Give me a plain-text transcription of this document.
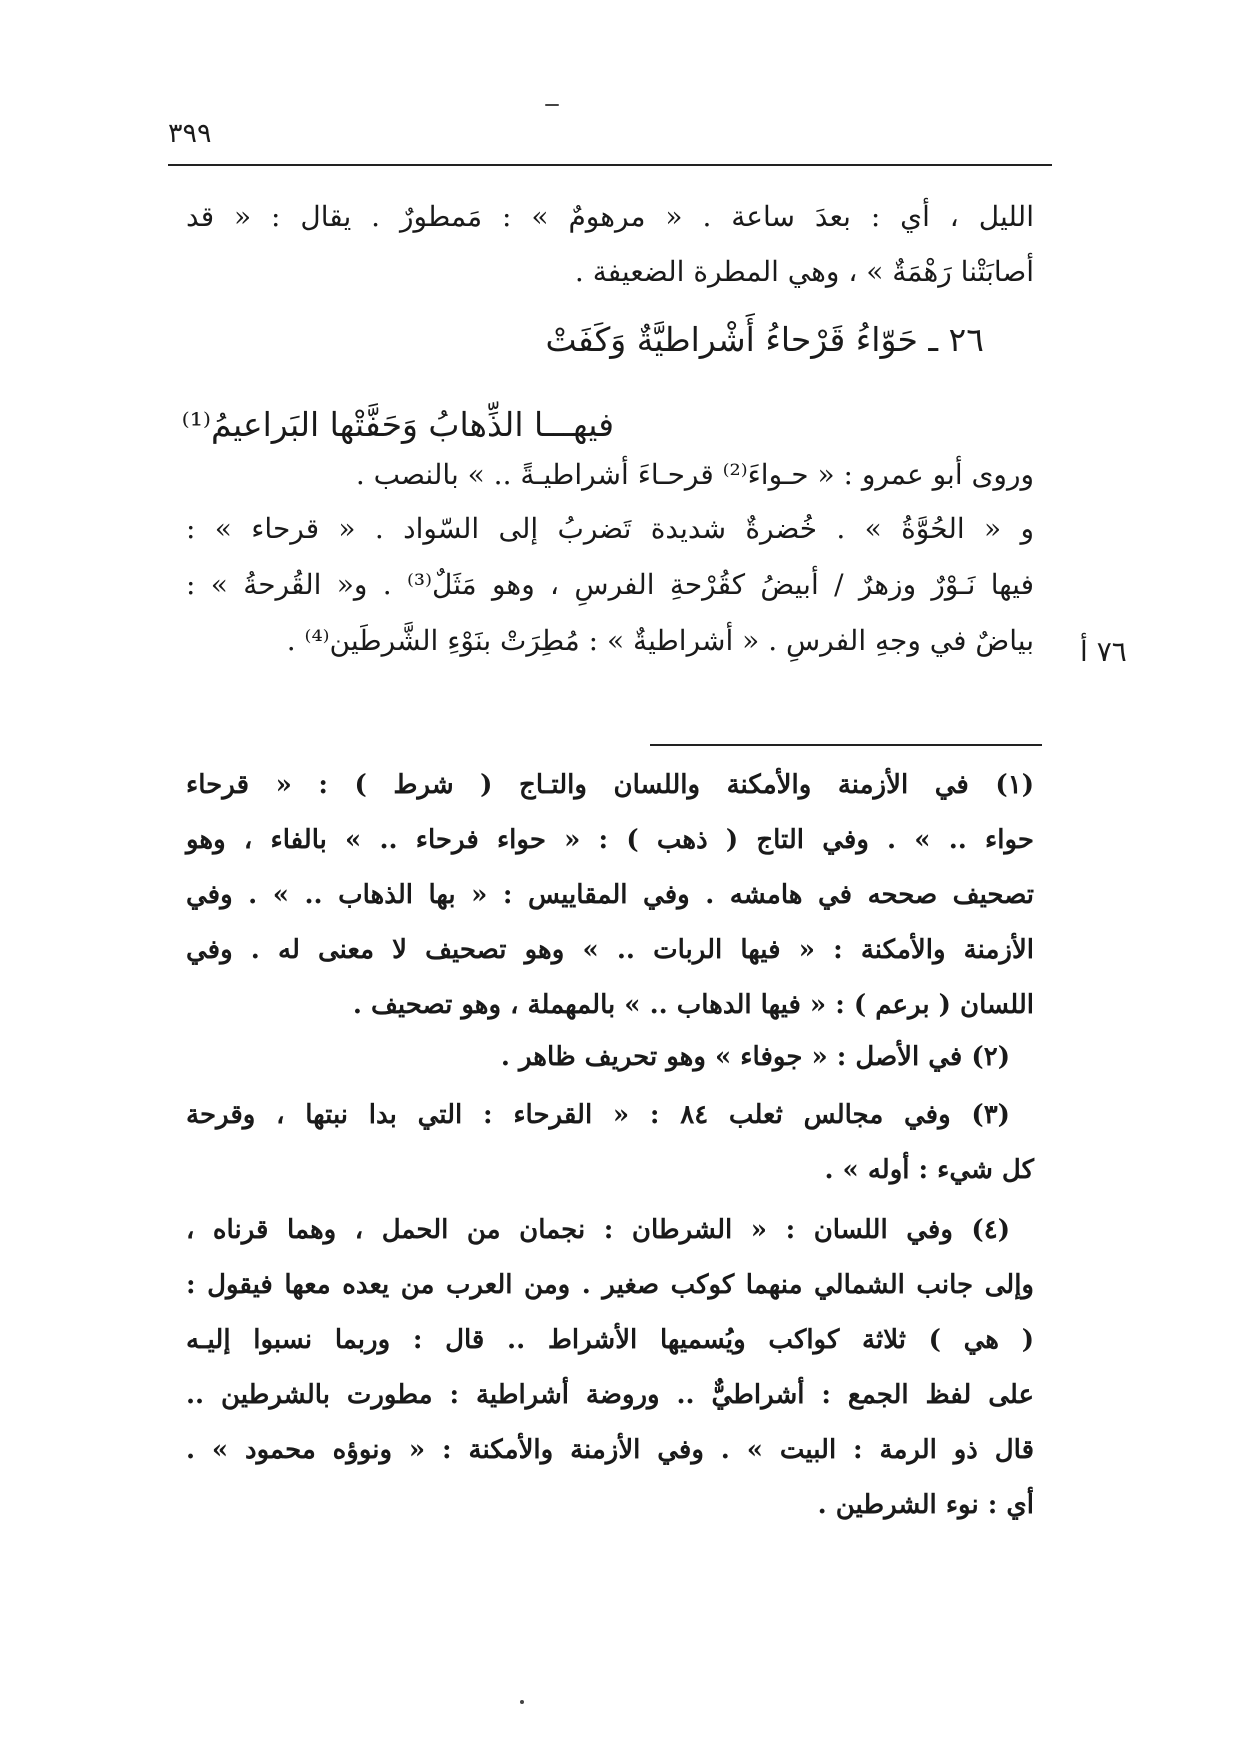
٣٩٩
الليل ، أي : بعدَ ساعة . « مرهومٌ » : مَمطورٌ . يقال : « قد
أصابَتْنا رَهْمَةٌ » ، وهي المطرة الضعيفة .
٢٦ ـ حَوّاءُ قَرْحاءُ أَشْراطيَّةٌ وَكَفَتْ
فيهـــا الذِّهابُ وَحَفَّتْها البَراعيمُ⁽¹⁾
وروى أبو عمرو : « حـواءَ⁽²⁾ قرحـاءَ أشراطيـةً .. » بالنصب .
و « الحُوَّةُ » . خُضرةٌ شديدة تَضربُ إلى السّواد . « قرحاء » :
فيها نَـوْرٌ وزهرٌ / أبيضُ كقُرْحةِ الفرسِ ، وهو مَثَلٌ⁽³⁾ . و« القُرحةُ » :
بياضٌ في وجهِ الفرسِ . « أشراطيةٌ » : مُطِرَتْ بنَوْءِ الشَّرطَين⁽⁴⁾ . ٧٦ أ
(١) في الأزمنة والأمكنة واللسان والتـاج ( شرط ) : « قرحاء
حواء .. » . وفي التاج ( ذهب ) : « حواء فرحاء .. » بالفاء ، وهو
تصحيف صححه في هامشه . وفي المقاييس : « بها الذهاب .. » . وفي
الأزمنة والأمكنة : « فيها الربات .. » وهو تصحيف لا معنى له . وفي
اللسان ( برعم ) : « فيها الدهاب .. » بالمهملة ، وهو تصحيف .
(٢) في الأصل : « جوفاء » وهو تحريف ظاهر .
(٣) وفي مجالس ثعلب ٨٤ : « القرحاء : التي بدا نبتها ، وقرحة
كل شيء : أوله » .
(٤) وفي اللسان : « الشرطان : نجمان من الحمل ، وهما قرناه ،
وإلى جانب الشمالي منهما كوكب صغير . ومن العرب من يعده معها فيقول :
( هي ) ثلاثة كواكب ويُسميها الأشراط .. قال : وربما نسبوا إليـه
على لفظ الجمع : أشراطيٌّ .. وروضة أشراطية : مطورت بالشرطين ..
قال ذو الرمة : البيت » . وفي الأزمنة والأمكنة : « ونوؤه محمود » .
أي : نوء الشرطين .
